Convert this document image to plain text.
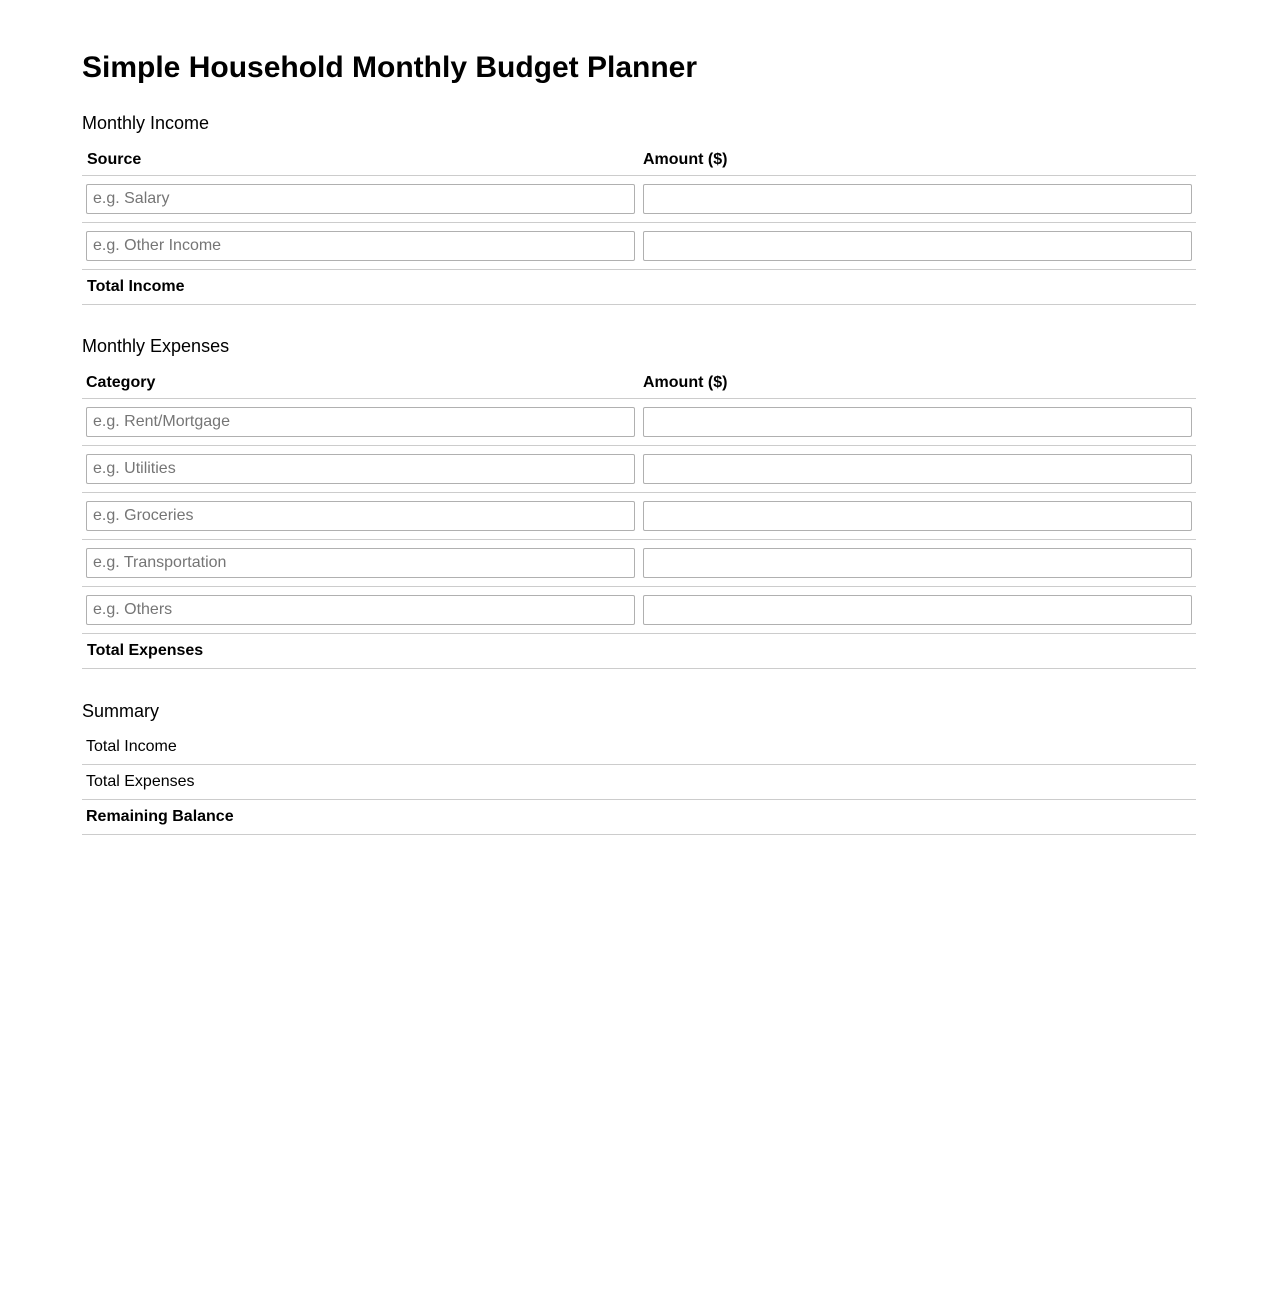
Simple Household Monthly Budget Planner
Monthly Income
Source	Amount ($)
e.g. Salary	
e.g. Other Income	
Total Income	
Monthly Expenses
Category	Amount ($)
e.g. Rent/Mortgage	
e.g. Utilities	
e.g. Groceries	
e.g. Transportation	
e.g. Others	
Total Expenses	
Summary
Total Income	
Total Expenses	
Remaining Balance	
